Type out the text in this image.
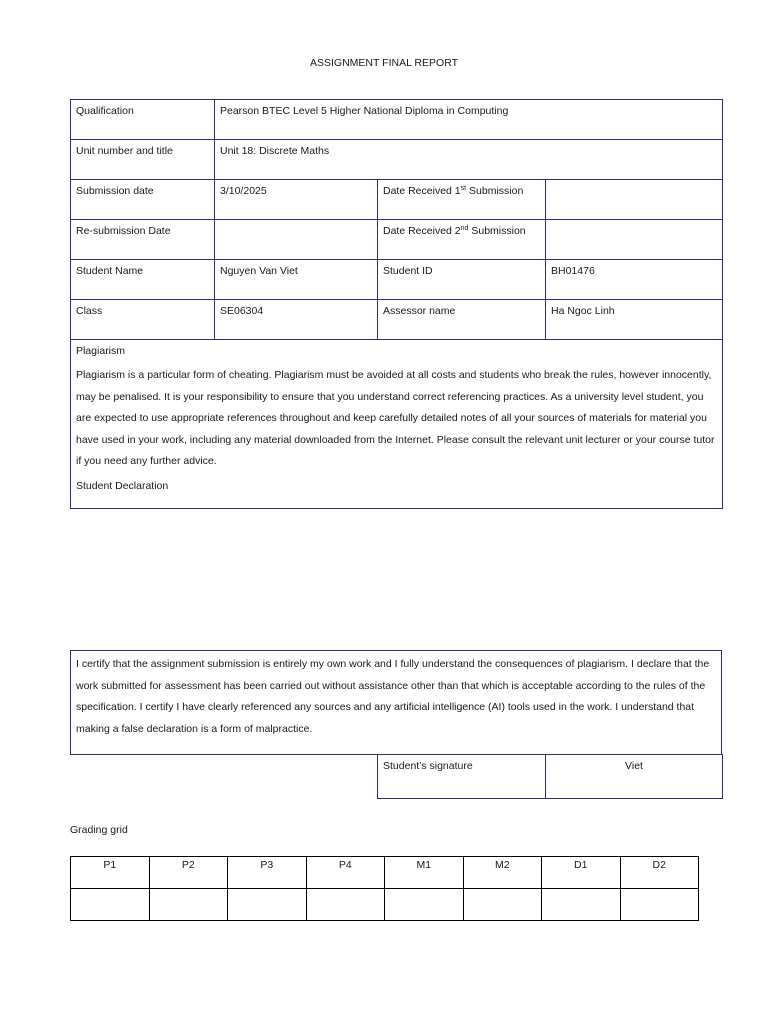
ASSIGNMENT FINAL REPORT
Qualification	Pearson BTEC Level 5 Higher National Diploma in Computing		
Unit number and title	Unit 18: Discrete Maths		
Submission date	3/10/2025	Date Received 1st Submission	
Re-submission Date		Date Received 2nd Submission	
Student Name	Nguyen Van Viet	Student ID	BH01476
Class	SE06304	Assessor name	Ha Ngoc Linh

Plagiarism

Plagiarism is a particular form of cheating. Plagiarism must be avoided at all costs and students who break the rules, however innocently, may be penalised. It is your responsibility to ensure that you understand correct referencing practices. As a university level student, you are expected to use appropriate references throughout and keep carefully detailed notes of all your sources of materials for material you have used in your work, including any material downloaded from the Internet. Please consult the relevant unit lecturer or your course tutor if you need any further advice.

Student Declaration			

I certify that the assignment submission is entirely my own work and I fully understand the consequences of plagiarism. I declare that the work submitted for assessment has been carried out without assistance other than that which is acceptable according to the rules of the specification. I certify I have clearly referenced any sources and any artificial intelligence (AI) tools used in the work. I understand that making a false declaration is a form of malpractice.
Student’s signature	Viet
Grading grid
P1	P2	P3	P4	M1	M2	D1	D2
